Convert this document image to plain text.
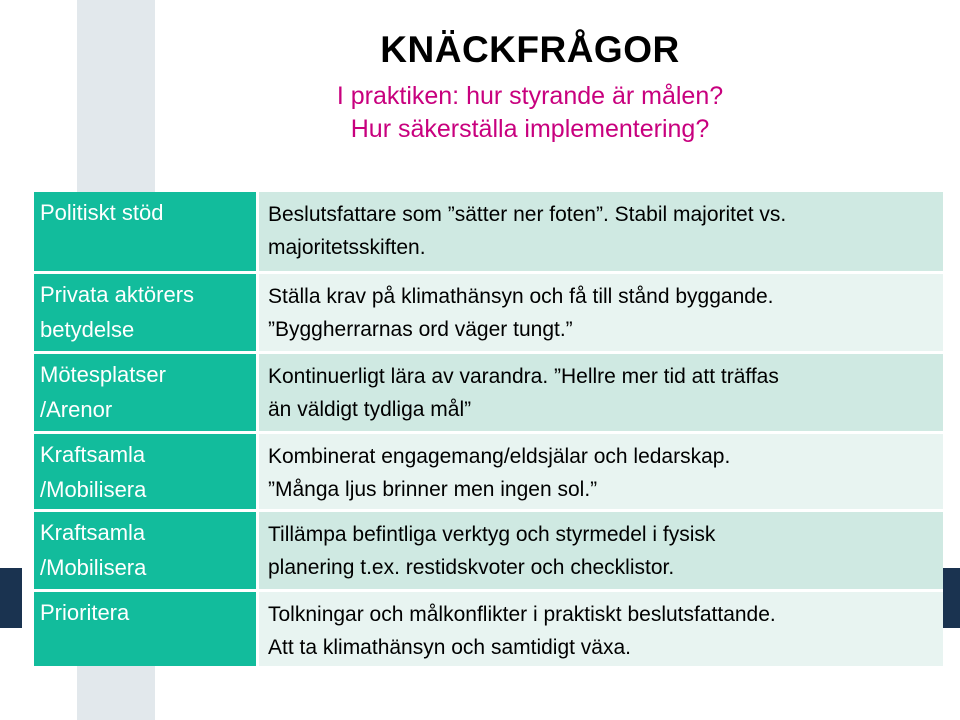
KNÄCKFRÅGOR
I praktiken: hur styrande är målen?
Hur säkerställa implementering?
Politiskt stöd	Beslutsfattare som ”sätter ner foten”. Stabil majoritet vs.
majoritetsskiften.
Privata aktörers
betydelse
Ställa krav på klimathänsyn och få till stånd byggande.
”Byggherrarnas ord väger tungt.”
Mötesplatser
/Arenor
Kontinuerligt lära av varandra. ”Hellre mer tid att träffas
än väldigt tydliga mål”
Kraftsamla
/Mobilisera
Kombinerat engagemang/eldsjälar och ledarskap.
”Många ljus brinner men ingen sol.”
Kraftsamla
/Mobilisera
Tillämpa befintliga verktyg och styrmedel i fysisk
planering t.ex. restidskvoter och checklistor.
Prioritera	Tolkningar och målkonflikter i praktiskt beslutsfattande.
Att ta klimathänsyn och samtidigt växa.
